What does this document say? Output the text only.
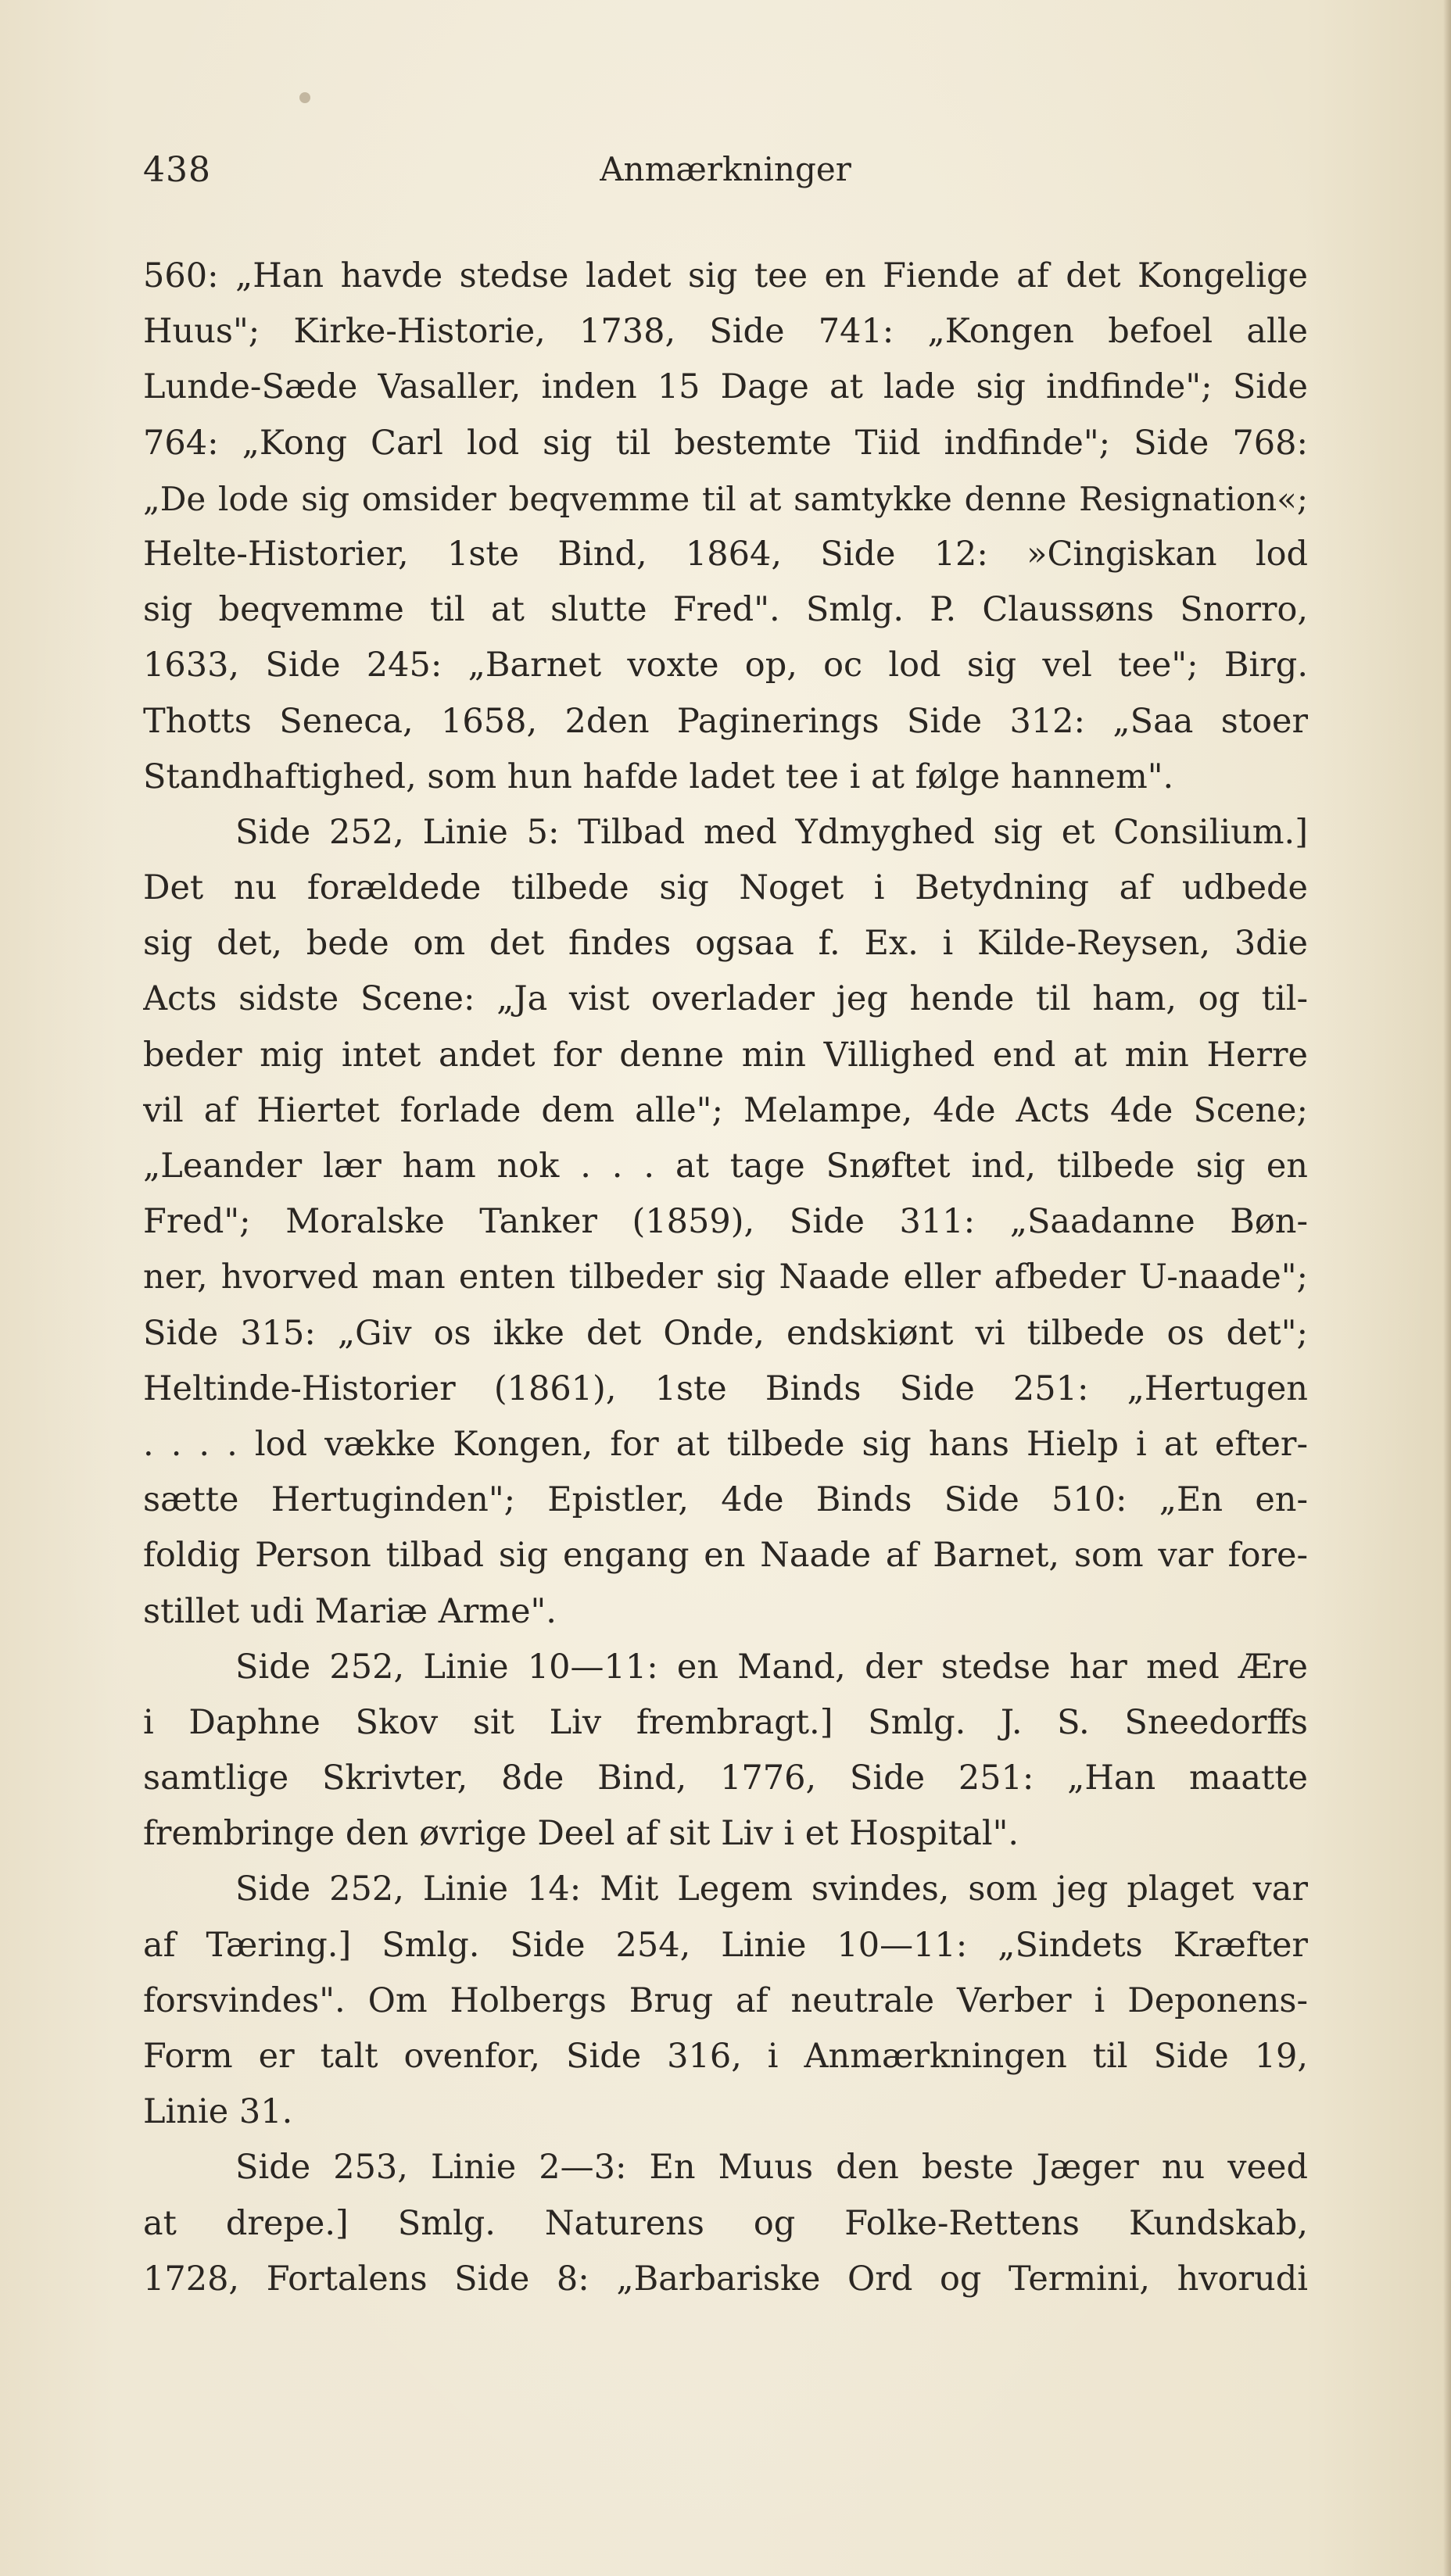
438	Anmærkninger
560: „Han havde stedse ladet sig tee en Fiende af det Kongelige
Huus"; Kirke-Historie, 1738, Side 741: „Kongen befoel alle
Lunde-Sæde Vasaller, inden 15 Dage at lade sig indfinde"; Side
764: „Kong Carl lod sig til bestemte Tiid indfinde"; Side 768:
„De lode sig omsider beqvemme til at samtykke denne Resignation«;
Helte-Historier, 1ste Bind, 1864, Side 12: »Cingiskan lod
sig beqvemme til at slutte Fred". Smlg. P. Claussøns Snorro,
1633, Side 245: „Barnet voxte op, oc lod sig vel tee"; Birg.
Thotts Seneca, 1658, 2den Paginerings Side 312: „Saa stoer
Standhaftighed, som hun hafde ladet tee i at følge hannem".
Side 252, Linie 5: Tilbad med Ydmyghed sig et Consilium.]
Det nu forældede tilbede sig Noget i Betydning af udbede
sig det, bede om det findes ogsaa f. Ex. i Kilde-Reysen, 3die
Acts sidste Scene: „Ja vist overlader jeg hende til ham, og til-
beder mig intet andet for denne min Villighed end at min Herre
vil af Hiertet forlade dem alle"; Melampe, 4de Acts 4de Scene;
„Leander lær ham nok . . . at tage Snøftet ind, tilbede sig en
Fred"; Moralske Tanker (1859), Side 311: „Saadanne Bøn-
ner, hvorved man enten tilbeder sig Naade eller afbeder U-naade";
Side 315: „Giv os ikke det Onde, endskiønt vi tilbede os det";
Heltinde-Historier (1861), 1ste Binds Side 251: „Hertugen
. . . . lod vække Kongen, for at tilbede sig hans Hielp i at efter-
sætte Hertuginden"; Epistler, 4de Binds Side 510: „En en-
foldig Person tilbad sig engang en Naade af Barnet, som var fore-
stillet udi Mariæ Arme".
Side 252, Linie 10—11: en Mand, der stedse har med Ære
i Daphne Skov sit Liv frembragt.] Smlg. J. S. Sneedorffs
samtlige Skrivter, 8de Bind, 1776, Side 251: „Han maatte
frembringe den øvrige Deel af sit Liv i et Hospital".
Side 252, Linie 14: Mit Legem svindes, som jeg plaget var
af Tæring.] Smlg. Side 254, Linie 10—11: „Sindets Kræfter
forsvindes". Om Holbergs Brug af neutrale Verber i Deponens-
Form er talt ovenfor, Side 316, i Anmærkningen til Side 19,
Linie 31.
Side 253, Linie 2—3: En Muus den beste Jæger nu veed
at drepe.] Smlg. Naturens og Folke-Rettens Kundskab,
1728, Fortalens Side 8: „Barbariske Ord og Termini, hvorudi
